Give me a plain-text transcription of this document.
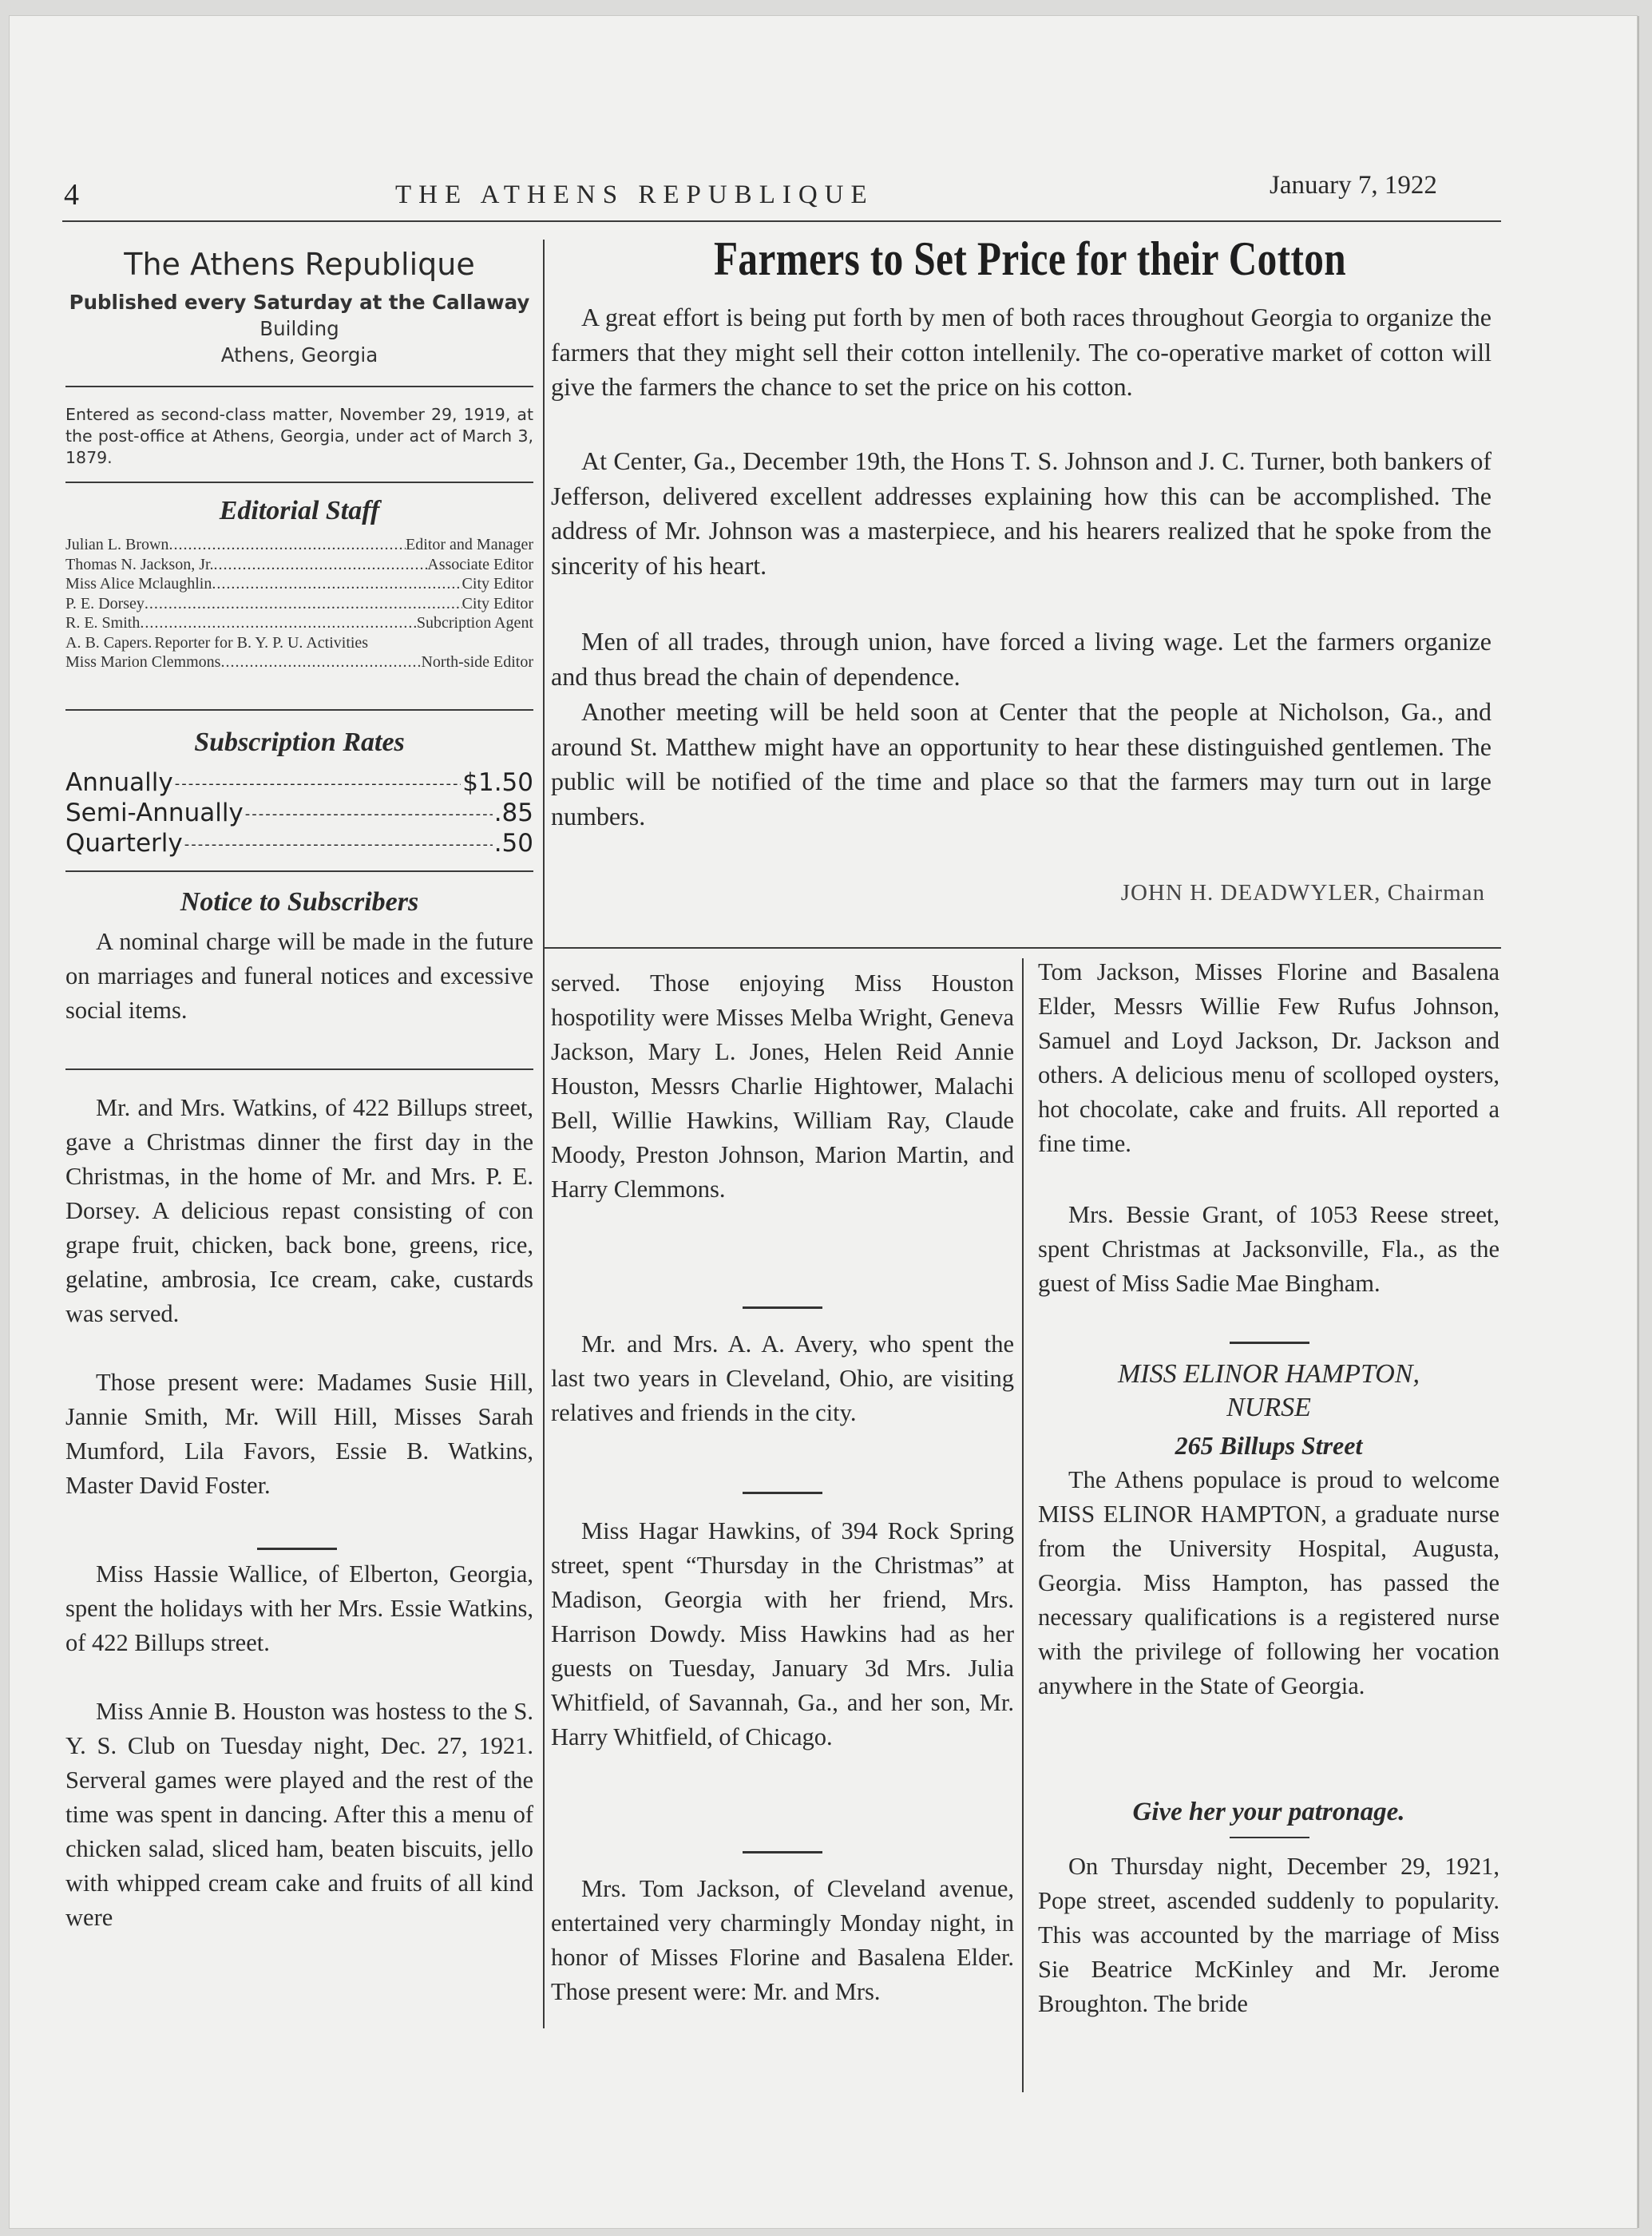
4	THE ATHENS REPUBLIQUE	January 7, 1922
The Athens Republique
Published every Saturday at the Callaway
Building
Athens, Georgia
Entered as second-class matter, November 29, 1919, at the post-office at Athens, Georgia, under act of March 3, 1879.
Editorial Staff
Julian L. Brown .....	Editor and Manager
Thomas N. Jackson, Jr. .....	Associate Editor
Miss Alice Mclaughlin .....	City Editor
P. E. Dorsey .....	City Editor
R. E. Smith .....	Subcription Agent
A. B. Capers ..... Reporter for B. Y. P. U. Activities
Miss Marion Clemmons .....	North-side Editor
Subscription Rates
Annually -----	$1.50
Semi-Annually -----	.85
Quarterly -----	.50
Notice to Subscribers

A nominal charge will be made in the future on marriages and funeral notices and excessive social items.

Mr. and Mrs. Watkins, of 422 Billups street, gave a Christmas dinner the first day in the Christmas, in the home of Mr. and Mrs. P. E. Dorsey. A delicious repast consisting of con grape fruit, chicken, back bone, greens, rice, gelatine, ambrosia, Ice cream, cake, custards was served.

Those present were: Madames Susie Hill, Jannie Smith, Mr. Will Hill, Misses Sarah Mumford, Lila Favors, Essie B. Watkins, Master David Foster.

Miss Hassie Wallice, of Elberton, Georgia, spent the holidays with her Mrs. Essie Watkins, of 422 Billups street.

Miss Annie B. Houston was hostess to the S. Y. S. Club on Tuesday night, Dec. 27, 1921. Serveral games were played and the rest of the time was spent in dancing. After this a menu of chicken salad, sliced ham, beaten biscuits, jello with whipped cream cake and fruits of all kind were

Farmers to Set Price for their Cotton

A great effort is being put forth by men of both races throughout Georgia to organize the farmers that they might sell their cotton intellenily. The co-operative market of cotton will give the farmers the chance to set the price on his cotton.

At Center, Ga., December 19th, the Hons T. S. Johnson and J. C. Turner, both bankers of Jefferson, delivered excellent addresses explaining how this can be accomplished. The address of Mr. Johnson was a masterpiece, and his hearers realized that he spoke from the sincerity of his heart.

Men of all trades, through union, have forced a living wage. Let the farmers organize and thus bread the chain of dependence.

Another meeting will be held soon at Center that the people at Nicholson, Ga., and around St. Matthew might have an opportunity to hear these distinguished gentlemen. The public will be notified of the time and place so that the farmers may turn out in large numbers.

JOHN H. DEADWYLER, Chairman

served. Those enjoying Miss Houston hospotility were Misses Melba Wright, Geneva Jackson, Mary L. Jones, Helen Reid Annie Houston, Messrs Charlie Hightower, Malachi Bell, Willie Hawkins, William Ray, Claude Moody, Preston Johnson, Marion Martin, and Harry Clemmons.

Mr. and Mrs. A. A. Avery, who spent the last two years in Cleveland, Ohio, are visiting relatives and friends in the city.

Miss Hagar Hawkins, of 394 Rock Spring street, spent “Thursday in the Christmas” at Madison, Georgia with her friend, Mrs. Harrison Dowdy. Miss Hawkins had as her guests on Tuesday, January 3d Mrs. Julia Whitfield, of Savannah, Ga., and her son, Mr. Harry Whitfield, of Chicago.

Mrs. Tom Jackson, of Cleveland avenue, entertained very charmingly Monday night, in honor of Misses Florine and Basalena Elder. Those present were: Mr. and Mrs.

Tom Jackson, Misses Florine and Basalena Elder, Messrs Willie Few Rufus Johnson, Samuel and Loyd Jackson, Dr. Jackson and others. A delicious menu of scolloped oysters, hot chocolate, cake and fruits. All reported a fine time.

Mrs. Bessie Grant, of 1053 Reese street, spent Christmas at Jacksonville, Fla., as the guest of Miss Sadie Mae Bingham.

MISS ELINOR HAMPTON,
NURSE
265 Billups Street

The Athens populace is proud to welcome MISS ELINOR HAMPTON, a graduate nurse from the University Hospital, Augusta, Georgia. Miss Hampton, has passed the necessary qualifications is a registered nurse with the privilege of following her vocation anywhere in the State of Georgia.

Give her your patronage.

On Thursday night, December 29, 1921, Pope street, ascended suddenly to popularity. This was accounted by the marriage of Miss Sie Beatrice McKinley and Mr. Jerome Broughton. The bride
